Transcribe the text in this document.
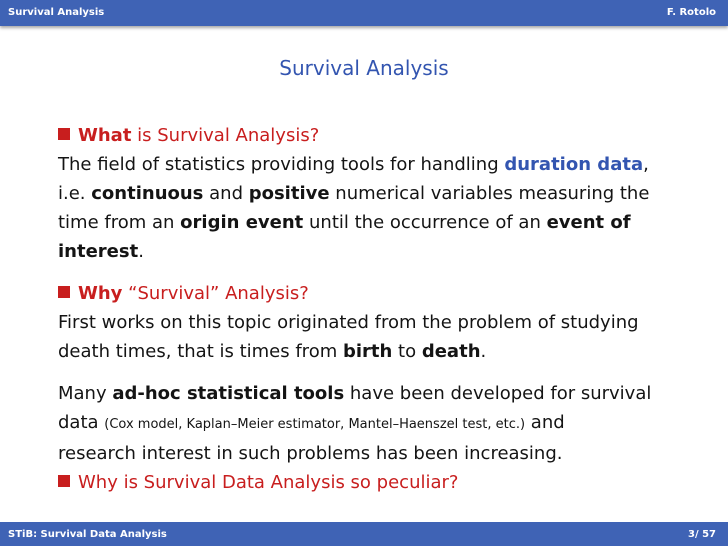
Survival Analysis	F. Rotolo
Survival Analysis
What is Survival Analysis?
The field of statistics providing tools for handling duration data,
i.e. continuous and positive numerical variables measuring the
time from an origin event until the occurrence of an event of
interest.
Why “Survival” Analysis?
First works on this topic originated from the problem of studying
death times, that is times from birth to death.
Many ad-hoc statistical tools have been developed for survival
data (Cox model, Kaplan–Meier estimator, Mantel–Haenszel test, etc.) and
research interest in such problems has been increasing.
Why is Survival Data Analysis so peculiar?
STiB: Survival Data Analysis	3/ 57
